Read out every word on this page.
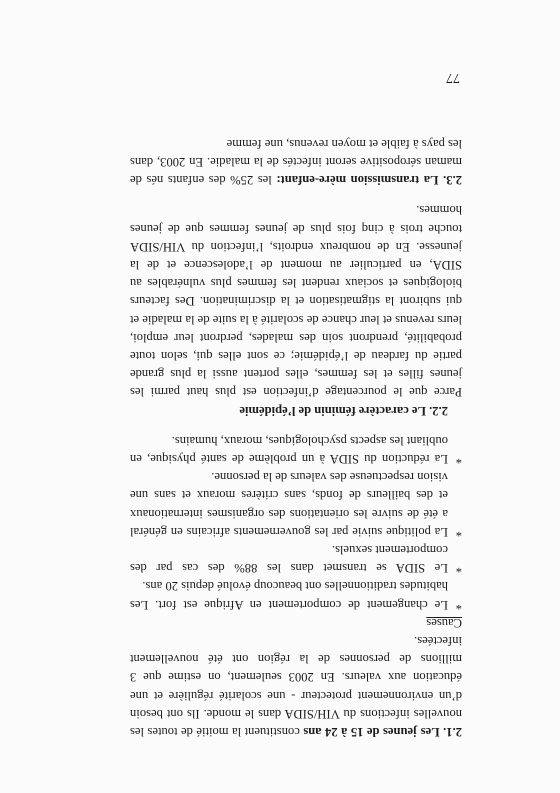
2.1. Les jeunes de 15 à 24 ans constituent la moitié de toutes les nouvelles infections du VIH/SIDA dans le monde. Ils ont besoin d’un environnement protecteur - une scolarité régulière et une éducation aux valeurs. En 2003 seulement, on estime que 3 millions de personnes de la région ont été nouvellement infectées.

Causes

*
Le changement de comportement en Afrique est fort. Les habitudes traditionnelles ont beaucoup évolué depuis 20 ans.
*
Le SIDA se transmet dans les 88% des cas par des comportement sexuels.
*
La politique suivie par les gouvernements africains en général a été de suivre les orientations des organismes internationaux et des bailleurs de fonds, sans critères moraux et sans une vision respectueuse des valeurs de la personne.
*
La réduction du SIDA à un problème de santé physique, en oubliant les aspects psychologiques, moraux, humains.

2.2. Le caractère féminin de l’épidémie

Parce que le pourcentage d’infection est plus haut parmi les jeunes filles et les femmes, elles portent aussi la plus grande partie du fardeau de l’épidémie; ce sont elles qui, selon toute probabilité, prendront soin des malades, perdront leur emploi, leurs revenus et leur chance de scolarité à la suite de la maladie et qui subiront la stigmatisation et la discrimination. Des facteurs biologiques et sociaux rendent les femmes plus vulnérables au SIDA, en particulier au moment de l’adolescence et de la jeunesse. En de nombreux endroits, l’infection du VIH/SIDA touche trois à cinq fois plus de jeunes femmes que de jeunes hommes.

2.3. La transmission mère-enfant: les 25% des enfants nés de maman séropositive seront infectés de la maladie. En 2003, dans les pays à faible et moyen revenus, une femme

77
